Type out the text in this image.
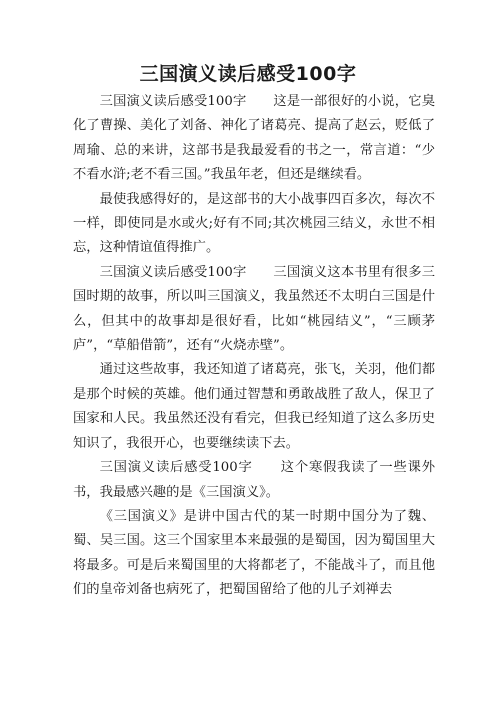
三国演义读后感受100字

三国演义读后感受100字　　这是一部很好的小说，它臭化了曹操、美化了刘备、神化了诸葛亮、提高了赵云，贬低了周瑜、总的来讲，这部书是我最爱看的书之一，常言道：“少不看水浒;老不看三国。”我虽年老，但还是继续看。

最使我感得好的，是这部书的大小战事四百多次，每次不一样，即使同是水或火;好有不同;其次桃园三结义，永世不相忘，这种情谊值得推广。

三国演义读后感受100字　　三国演义这本书里有很多三国时期的故事，所以叫三国演义，我虽然还不太明白三国是什么，但其中的故事却是很好看，比如“桃园结义”，“三顾茅庐”，“草船借箭”，还有“火烧赤壁”。

通过这些故事，我还知道了诸葛亮，张飞，关羽，他们都是那个时候的英雄。他们通过智慧和勇敢战胜了敌人，保卫了国家和人民。我虽然还没有看完，但我已经知道了这么多历史知识了，我很开心，也要继续读下去。

三国演义读后感受100字　　这个寒假我读了一些课外书，我最感兴趣的是《三国演义》。

《三国演义》是讲中国古代的某一时期中国分为了魏、蜀、吴三国。这三个国家里本来最强的是蜀国，因为蜀国里大将最多。可是后来蜀国里的大将都老了，不能战斗了，而且他们的皇帝刘备也病死了，把蜀国留给了他的儿子刘禅去
